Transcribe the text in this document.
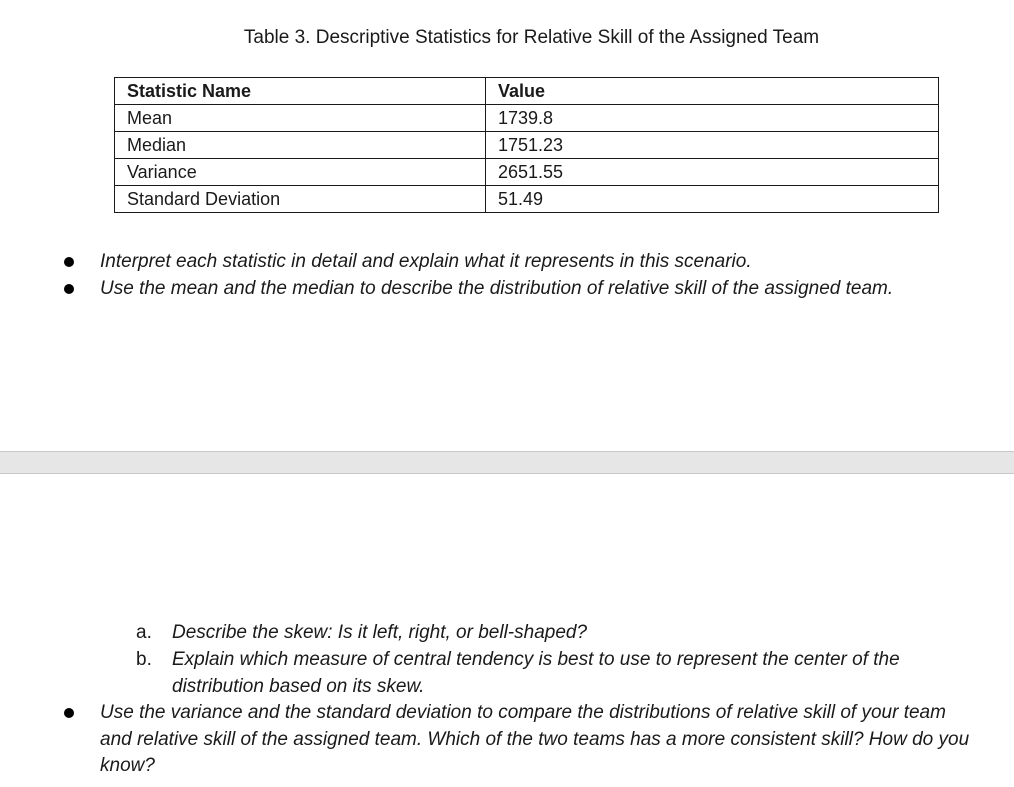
Table 3. Descriptive Statistics for Relative Skill of the Assigned Team
Statistic Name	Value
Mean	1739.8
Median	1751.23
Variance	2651.55
Standard Deviation	51.49
Interpret each statistic in detail and explain what it represents in this scenario.
Use the mean and the median to describe the distribution of relative skill of the assigned team.
a. Describe the skew: Is it left, right, or bell-shaped?
b. Explain which measure of central tendency is best to use to represent the center of the distribution based on its skew.
Use the variance and the standard deviation to compare the distributions of relative skill of your team and relative skill of the assigned team. Which of the two teams has a more consistent skill? How do you know?
